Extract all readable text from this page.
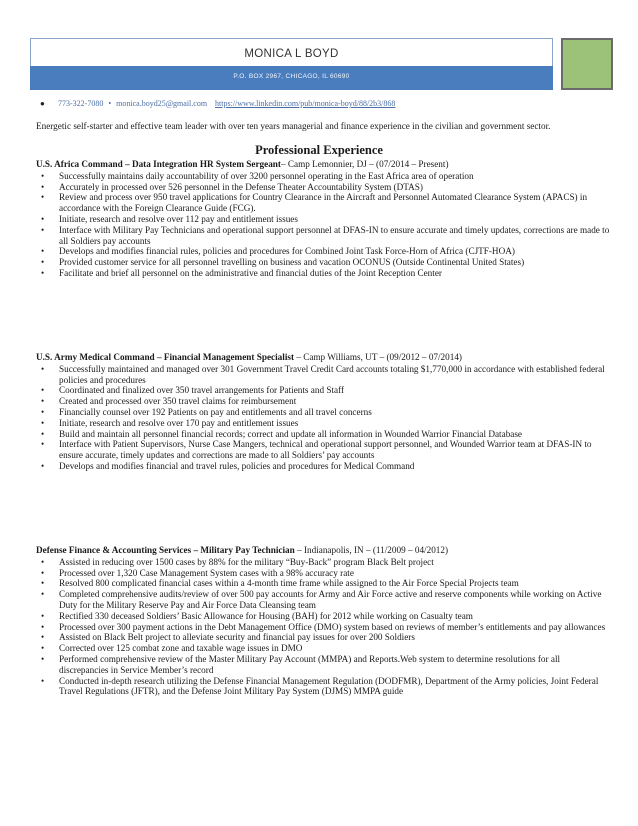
MONICA L BOYD
P.O. BOX 2967, CHICAGO, IL 60690
● 773-322-7080 • monica.boyd25@gmail.com https://www.linkedin.com/pub/monica-boyd/88/2b3/868
Energetic self-starter and effective team leader with over ten years managerial and finance experience in the civilian and government sector.
Professional Experience
U.S. Africa Command – Data Integration HR System Sergeant– Camp Lemonnier, DJ – (07/2014 – Present)
• Successfully maintains daily accountability of over 3200 personnel operating in the East Africa area of operation
• Accurately in processed over 526 personnel in the Defense Theater Accountability System (DTAS)
• Review and process over 950 travel applications for Country Clearance in the Aircraft and Personnel Automated Clearance System (APACS) in accordance with the Foreign Clearance Guide (FCG).
• Initiate, research and resolve over 112 pay and entitlement issues
• Interface with Military Pay Technicians and operational support personnel at DFAS-IN to ensure accurate and timely updates, corrections are made to all Soldiers pay accounts
• Develops and modifies financial rules, policies and procedures for Combined Joint Task Force-Horn of Africa (CJTF-HOA)
• Provided customer service for all personnel travelling on business and vacation OCONUS (Outside Continental United States)
• Facilitate and brief all personnel on the administrative and financial duties of the Joint Reception Center
U.S. Army Medical Command – Financial Management Specialist – Camp Williams, UT – (09/2012 – 07/2014)
• Successfully maintained and managed over 301 Government Travel Credit Card accounts totaling $1,770,000 in accordance with established federal policies and procedures
• Coordinated and finalized over 350 travel arrangements for Patients and Staff
• Created and processed over 350 travel claims for reimbursement
• Financially counsel over 192 Patients on pay and entitlements and all travel concerns
• Initiate, research and resolve over 170 pay and entitlement issues
• Build and maintain all personnel financial records; correct and update all information in Wounded Warrior Financial Database
• Interface with Patient Supervisors, Nurse Case Mangers, technical and operational support personnel, and Wounded Warrior team at DFAS-IN to ensure accurate, timely updates and corrections are made to all Soldiers’ pay accounts
• Develops and modifies financial and travel rules, policies and procedures for Medical Command
Defense Finance & Accounting Services – Military Pay Technician – Indianapolis, IN – (11/2009 – 04/2012)
• Assisted in reducing over 1500 cases by 88% for the military “Buy-Back” program Black Belt project
• Processed over 1,320 Case Management System cases with a 98% accuracy rate
• Resolved 800 complicated financial cases within a 4-month time frame while assigned to the Air Force Special Projects team
• Completed comprehensive audits/review of over 500 pay accounts for Army and Air Force active and reserve components while working on Active Duty for the Military Reserve Pay and Air Force Data Cleansing team
• Rectified 330 deceased Soldiers’ Basic Allowance for Housing (BAH) for 2012 while working on Casualty team
• Processed over 300 payment actions in the Debt Management Office (DMO) system based on reviews of member’s entitlements and pay allowances
• Assisted on Black Belt project to alleviate security and financial pay issues for over 200 Soldiers
• Corrected over 125 combat zone and taxable wage issues in DMO
• Performed comprehensive review of the Master Military Pay Account (MMPA) and Reports.Web system to determine resolutions for all discrepancies in Service Member’s record
• Conducted in-depth research utilizing the Defense Financial Management Regulation (DODFMR), Department of the Army policies, Joint Federal Travel Regulations (JFTR), and the Defense Joint Military Pay System (DJMS) MMPA guide
